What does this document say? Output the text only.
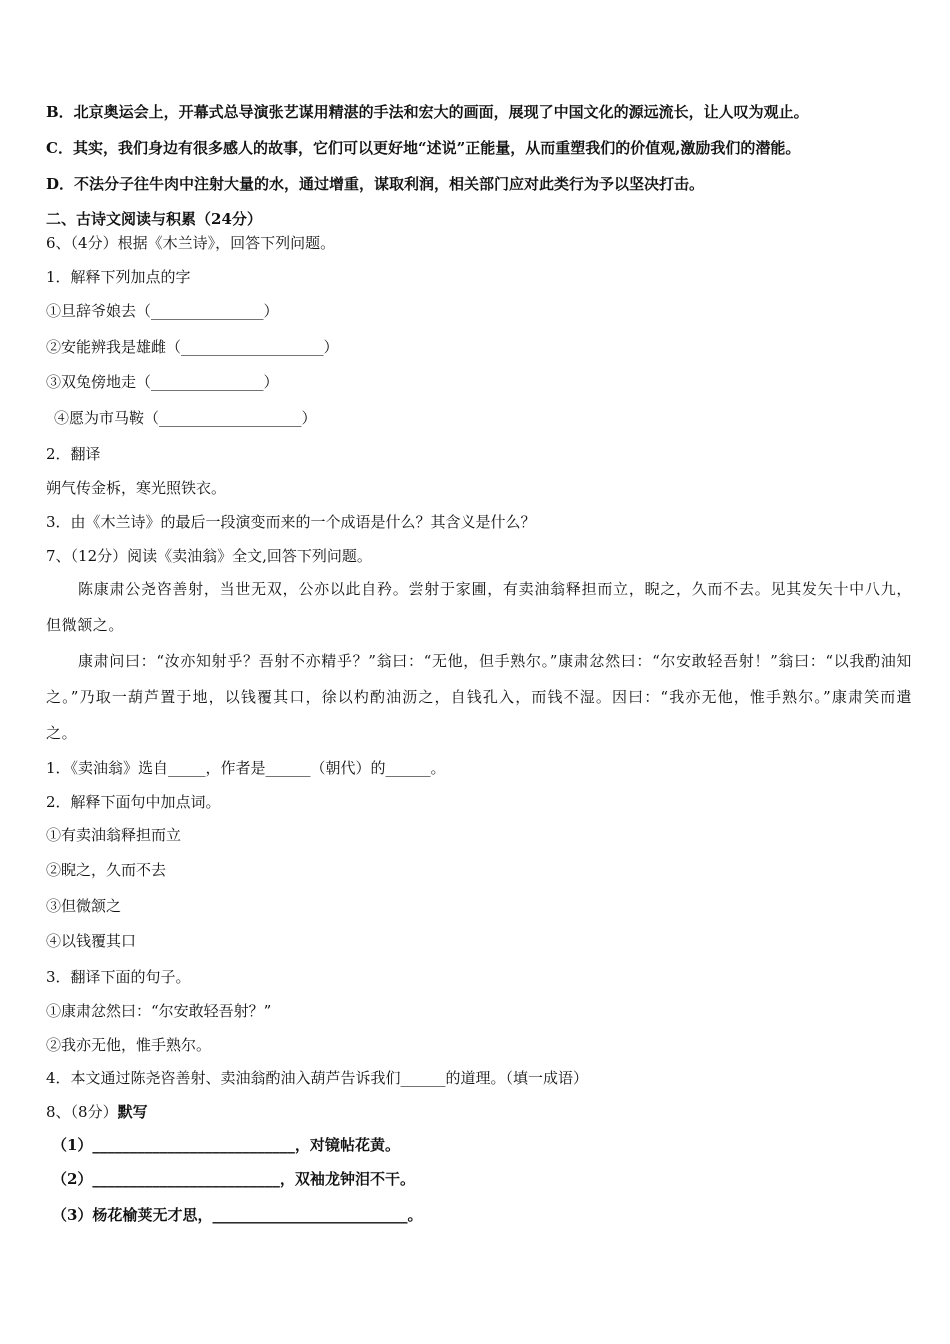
B．北京奥运会上，开幕式总导演张艺谋用精湛的手法和宏大的画面，展现了中国文化的源远流长，让人叹为观止。
C．其实，我们身边有很多感人的故事，它们可以更好地“述说”正能量，从而重塑我们的价值观,激励我们的潜能。
D．不法分子往牛肉中注射大量的水，通过增重，谋取利润，相关部门应对此类行为予以坚决打击。
二、古诗文阅读与积累（24分）
6、（4分）根据《木兰诗》，回答下列问题。
1．解释下列加点的字
①旦辞爷娘去（_______________）
②安能辨我是雄雌（___________________）
③双兔傍地走（_______________）
④愿为市马鞍（___________________）
2．翻译
朔气传金柝，寒光照铁衣。
3．由《木兰诗》的最后一段演变而来的一个成语是什么？其含义是什么？
7、（12分）阅读《卖油翁》全文,回答下列问题。
陈康肃公尧咨善射，当世无双，公亦以此自矜。尝射于家圃，有卖油翁释担而立，睨之，久而不去。见其发矢十中八九，但微颔之。
康肃问曰：“汝亦知射乎？吾射不亦精乎？”翁曰：“无他，但手熟尔。”康肃忿然曰：“尔安敢轻吾射！”翁曰：“以我酌油知之。”乃取一葫芦置于地，以钱覆其口，徐以杓酌油沥之，自钱孔入，而钱不湿。因曰：“我亦无他，惟手熟尔。”康肃笑而遣之。
1．《卖油翁》选自_____，作者是______（朝代）的______。
2．解释下面句中加点词。
①有卖油翁释担而立
②睨之，久而不去
③但微颔之
④以钱覆其口
3．翻译下面的句子。
①康肃忿然曰：“尔安敢轻吾射？”
②我亦无他，惟手熟尔。
4．本文通过陈尧咨善射、卖油翁酌油入葫芦告诉我们______的道理。（填一成语）
8、（8分）默写
（1）___________________________，对镜帖花黄。
（2）_________________________，双袖龙钟泪不干。
（3）杨花榆荚无才思，__________________________。
